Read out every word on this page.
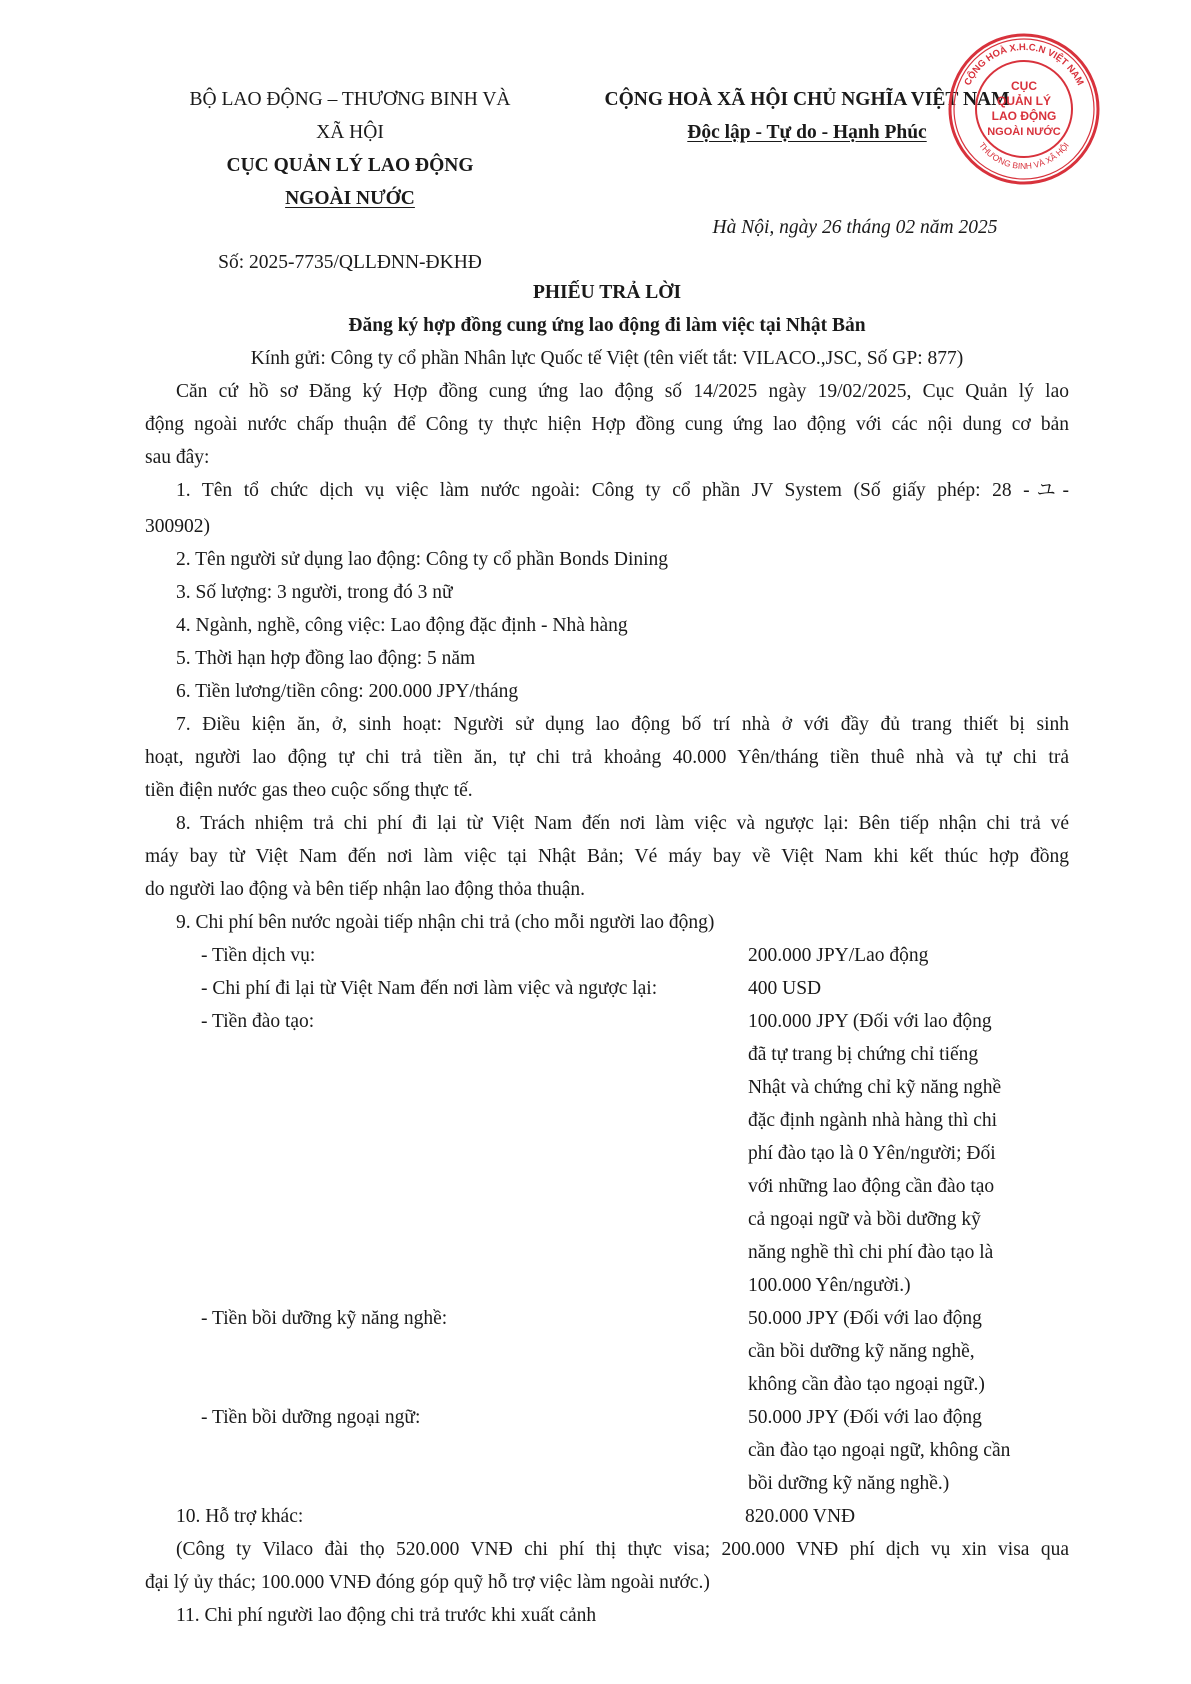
BỘ LAO ĐỘNG – THƯƠNG BINH VÀ
XÃ HỘI
CỤC QUẢN LÝ LAO ĐỘNG
NGOÀI NƯỚC
Số: 2025-7735/QLLĐNN-ĐKHĐ
CỘNG HOÀ XÃ HỘI CHỦ NGHĨA VIỆT NAM
Độc lập - Tự do - Hạnh Phúc
Hà Nội, ngày 26 tháng 02 năm 2025
CỘNG HOÀ X.H.C.N VIỆT NAM
THƯƠNG BINH VÀ XÃ HỘI
CỤC
QUẢN LÝ
LAO ĐỘNG
NGOÀI NƯỚC
PHIẾU TRẢ LỜI
Đăng ký hợp đồng cung ứng lao động đi làm việc tại Nhật Bản
Kính gửi: Công ty cổ phần Nhân lực Quốc tế Việt (tên viết tắt: VILACO.,JSC, Số GP: 877)
Căn cứ hồ sơ Đăng ký Hợp đồng cung ứng lao động số 14/2025 ngày 19/02/2025, Cục Quản lý lao
động ngoài nước chấp thuận để Công ty thực hiện Hợp đồng cung ứng lao động với các nội dung cơ bản
sau đây:
1. Tên tổ chức dịch vụ việc làm nước ngoài: Công ty cổ phần JV System (Số giấy phép: 28 -ユ-
300902)
2. Tên người sử dụng lao động: Công ty cổ phần Bonds Dining
3. Số lượng: 3 người, trong đó 3 nữ
4. Ngành, nghề, công việc: Lao động đặc định - Nhà hàng
5. Thời hạn hợp đồng lao động: 5 năm
6. Tiền lương/tiền công: 200.000 JPY/tháng
7. Điều kiện ăn, ở, sinh hoạt: Người sử dụng lao động bố trí nhà ở với đầy đủ trang thiết bị sinh
hoạt, người lao động tự chi trả tiền ăn, tự chi trả khoảng 40.000 Yên/tháng tiền thuê nhà và tự chi trả
tiền điện nước gas theo cuộc sống thực tế.
8. Trách nhiệm trả chi phí đi lại từ Việt Nam đến nơi làm việc và ngược lại: Bên tiếp nhận chi trả vé
máy bay từ Việt Nam đến nơi làm việc tại Nhật Bản; Vé máy bay về Việt Nam khi kết thúc hợp đồng
do người lao động và bên tiếp nhận lao động thỏa thuận.
9. Chi phí bên nước ngoài tiếp nhận chi trả (cho mỗi người lao động)
- Tiền dịch vụ:	200.000 JPY/Lao động
- Chi phí đi lại từ Việt Nam đến nơi làm việc và ngược lại:	400 USD
- Tiền đào tạo:	100.000 JPY (Đối với lao động
đã tự trang bị chứng chỉ tiếng
Nhật và chứng chỉ kỹ năng nghề
đặc định ngành nhà hàng thì chi
phí đào tạo là 0 Yên/người; Đối
với những lao động cần đào tạo
cả ngoại ngữ và bồi dưỡng kỹ
năng nghề thì chi phí đào tạo là
100.000 Yên/người.)
- Tiền bồi dưỡng kỹ năng nghề:	50.000 JPY (Đối với lao động
cần bồi dưỡng kỹ năng nghề,
không cần đào tạo ngoại ngữ.)
- Tiền bồi dưỡng ngoại ngữ:	50.000 JPY (Đối với lao động
cần đào tạo ngoại ngữ, không cần
bồi dưỡng kỹ năng nghề.)
10. Hỗ trợ khác:	820.000 VNĐ
(Công ty Vilaco đài thọ 520.000 VNĐ chi phí thị thực visa; 200.000 VNĐ phí dịch vụ xin visa qua
đại lý ủy thác; 100.000 VNĐ đóng góp quỹ hỗ trợ việc làm ngoài nước.)
11. Chi phí người lao động chi trả trước khi xuất cảnh
